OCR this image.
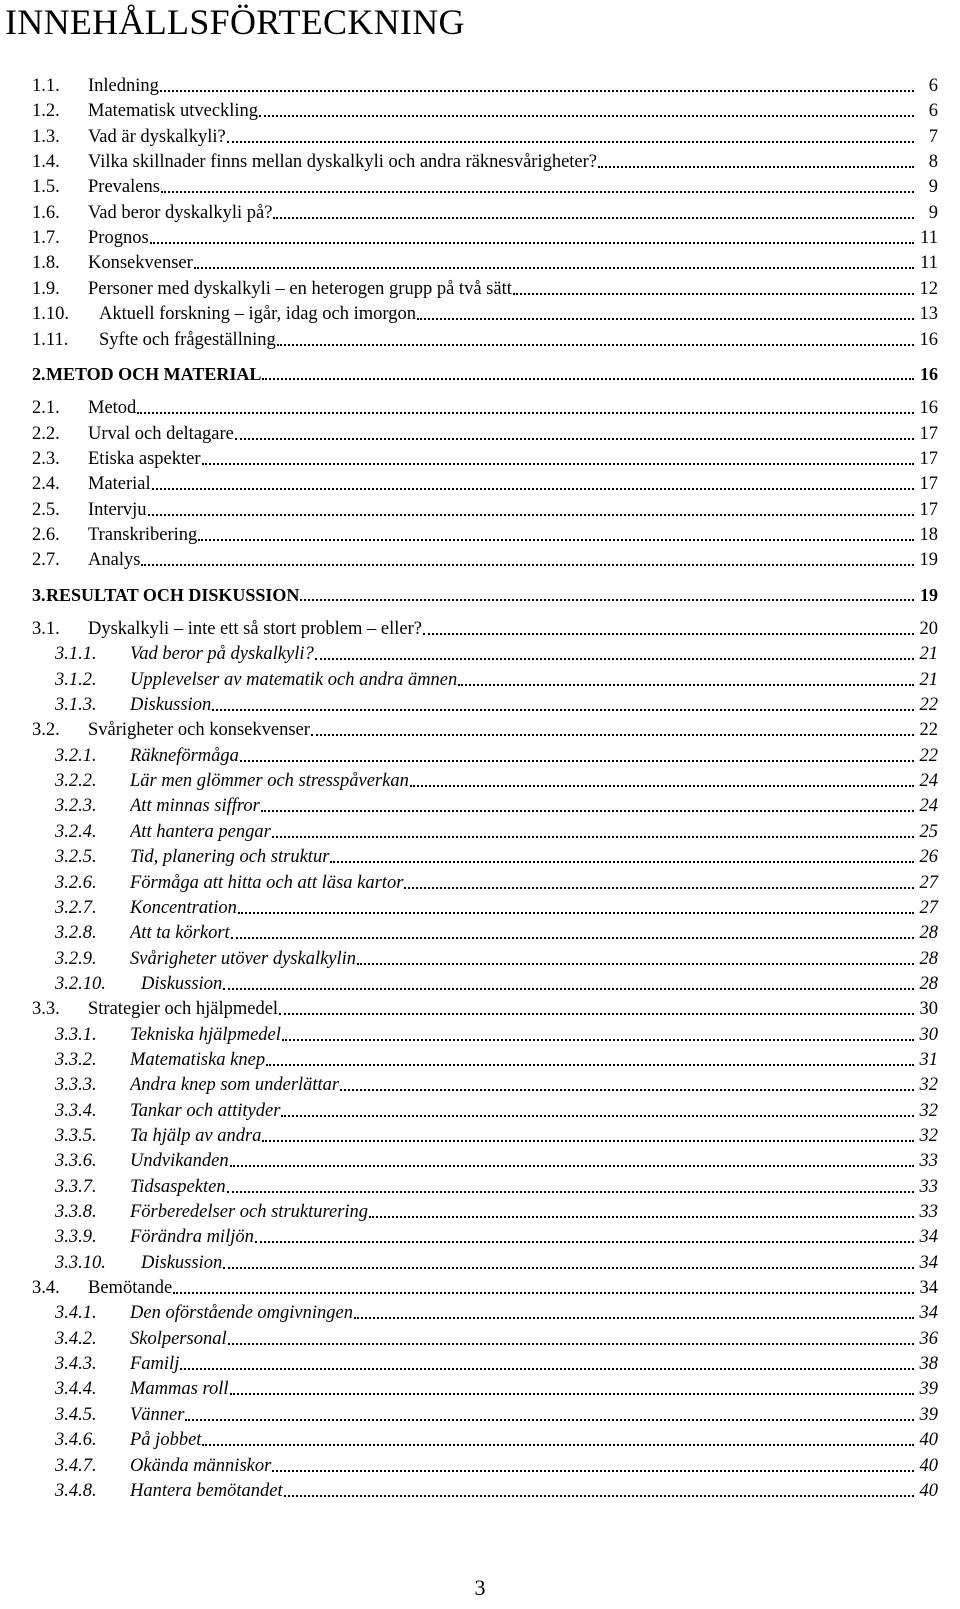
INNEHÅLLSFÖRTECKNING
1.1. Inledning	6
1.2. Matematisk utveckling	6
1.3. Vad är dyskalkyli?	7
1.4. Vilka skillnader finns mellan dyskalkyli och andra räknesvårigheter?	8
1.5. Prevalens	9
1.6. Vad beror dyskalkyli på?	9
1.7. Prognos	11
1.8. Konsekvenser	11
1.9. Personer med dyskalkyli – en heterogen grupp på två sätt	12
1.10. Aktuell forskning – igår, idag och imorgon	13
1.11. Syfte och frågeställning	16
2. METOD OCH MATERIAL	16
2.1. Metod	16
2.2. Urval och deltagare	17
2.3. Etiska aspekter	17
2.4. Material	17
2.5. Intervju	17
2.6. Transkribering	18
2.7. Analys	19
3. RESULTAT OCH DISKUSSION	19
3.1. Dyskalkyli – inte ett så stort problem – eller?	20
3.1.1. Vad beror på dyskalkyli?	21
3.1.2. Upplevelser av matematik och andra ämnen	21
3.1.3. Diskussion	22
3.2. Svårigheter och konsekvenser	22
3.2.1. Räkneförmåga	22
3.2.2. Lär men glömmer och stresspåverkan	24
3.2.3. Att minnas siffror	24
3.2.4. Att hantera pengar	25
3.2.5. Tid, planering och struktur	26
3.2.6. Förmåga att hitta och att läsa kartor	27
3.2.7. Koncentration	27
3.2.8. Att ta körkort	28
3.2.9. Svårigheter utöver dyskalkylin	28
3.2.10. Diskussion	28
3.3. Strategier och hjälpmedel	30
3.3.1. Tekniska hjälpmedel	30
3.3.2. Matematiska knep	31
3.3.3. Andra knep som underlättar	32
3.3.4. Tankar och attityder	32
3.3.5. Ta hjälp av andra	32
3.3.6. Undvikanden	33
3.3.7. Tidsaspekten	33
3.3.8. Förberedelser och strukturering	33
3.3.9. Förändra miljön	34
3.3.10. Diskussion	34
3.4. Bemötande	34
3.4.1. Den oförstående omgivningen	34
3.4.2. Skolpersonal	36
3.4.3. Familj	38
3.4.4. Mammas roll	39
3.4.5. Vänner	39
3.4.6. På jobbet	40
3.4.7. Okända människor	40
3.4.8. Hantera bemötandet	40
3
